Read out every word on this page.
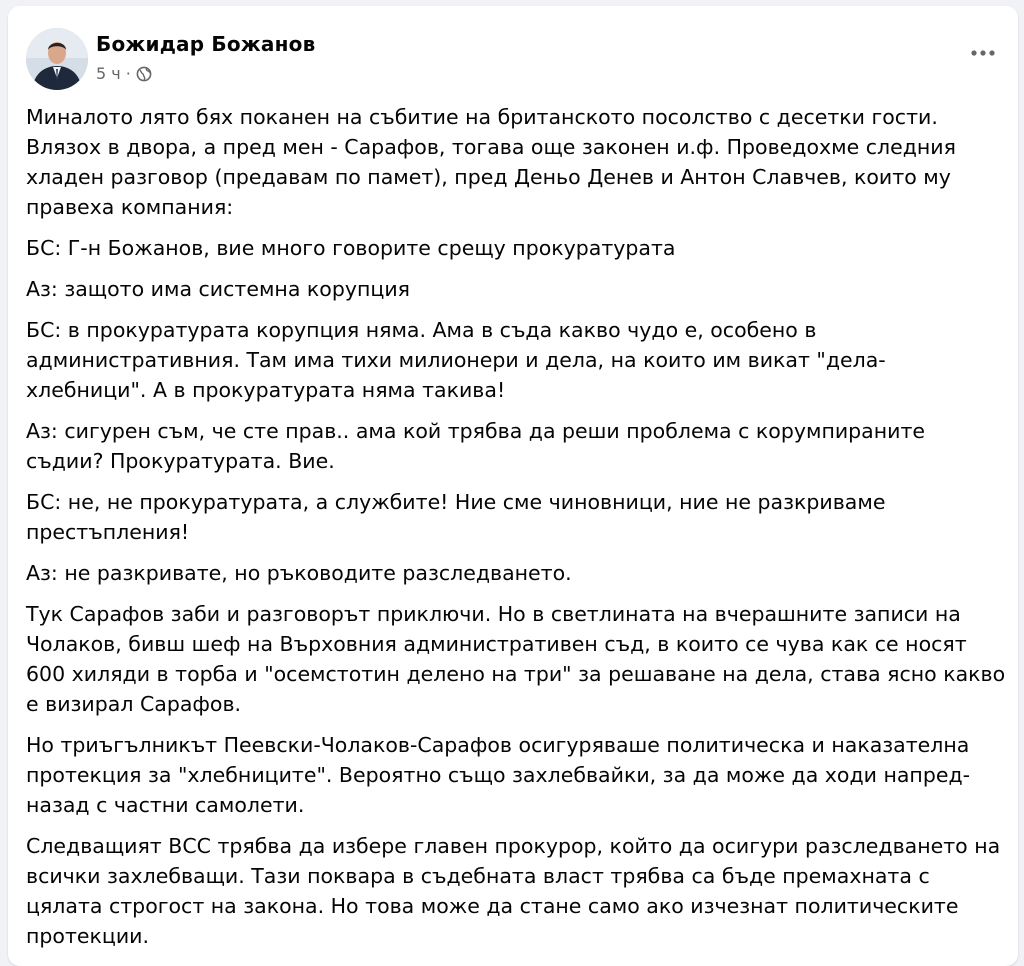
Божидар Божанов
5 ч ·

Миналото лято бях поканен на събитие на британското посолство с десетки гости. Влязох в двора, а пред мен - Сарафов, тогава още законен и.ф. Проведохме следния хладен разговор (предавам по памет), пред Деньо Денев и Антон Славчев, които му правеха компания:

БС: Г-н Божанов, вие много говорите срещу прокуратурата

Аз: защото има системна корупция

БС: в прокуратурата корупция няма. Ама в съда какво чудо е, особено в административния. Там има тихи милионери и дела, на които им викат "дела-хлебници". А в прокуратурата няма такива!

Аз: сигурен съм, че сте прав.. ама кой трябва да реши проблема с корумпираните съдии? Прокуратурата. Вие.

БС: не, не прокуратурата, а службите! Ние сме чиновници, ние не разкриваме престъпления!

Аз: не разкривате, но ръководите разследването.

Тук Сарафов заби и разговорът приключи. Но в светлината на вчерашните записи на Чолаков, бивш шеф на Върховния административен съд, в които се чува как се носят 600 хиляди в торба и "осемстотин делено на три" за решаване на дела, става ясно какво е визирал Сарафов.

Но триъгълникът Пеевски-Чолаков-Сарафов осигуряваше политическа и наказателна протекция за "хлебниците". Вероятно също захлебвайки, за да може да ходи напред-назад с частни самолети.

Следващият ВСС трябва да избере главен прокурор, който да осигури разследването на всички захлебващи. Тази поквара в съдебната власт трябва са бъде премахната с цялата строгост на закона. Но това може да стане само ако изчезнат политическите протекции.
